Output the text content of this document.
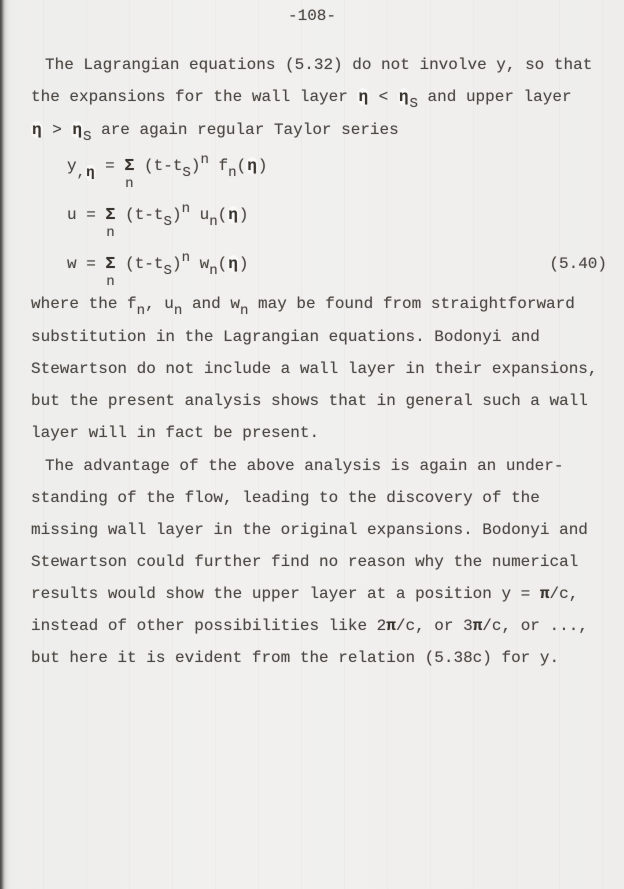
-108-
The Lagrangian equations (5.32) do not involve y, so that
the expansions for the wall layer η < ηS and upper layer
η > ηS are again regular Taylor series
y,η = Σ
n
(t-tS)n fn(η)
u = Σ
n
(t-tS)n un(η)
w = Σ
n
(t-tS)n wn(η)	(5.40)
where the fn, un and wn may be found from straightforward
substitution in the Lagrangian equations. Bodonyi and
Stewartson do not include a wall layer in their expansions,
but the present analysis shows that in general such a wall
layer will in fact be present.
The advantage of the above analysis is again an under-
standing of the flow, leading to the discovery of the
missing wall layer in the original expansions. Bodonyi and
Stewartson could further find no reason why the numerical
results would show the upper layer at a position y = π/c,
instead of other possibilities like 2π/c, or 3π/c, or ...,
but here it is evident from the relation (5.38c) for y.
